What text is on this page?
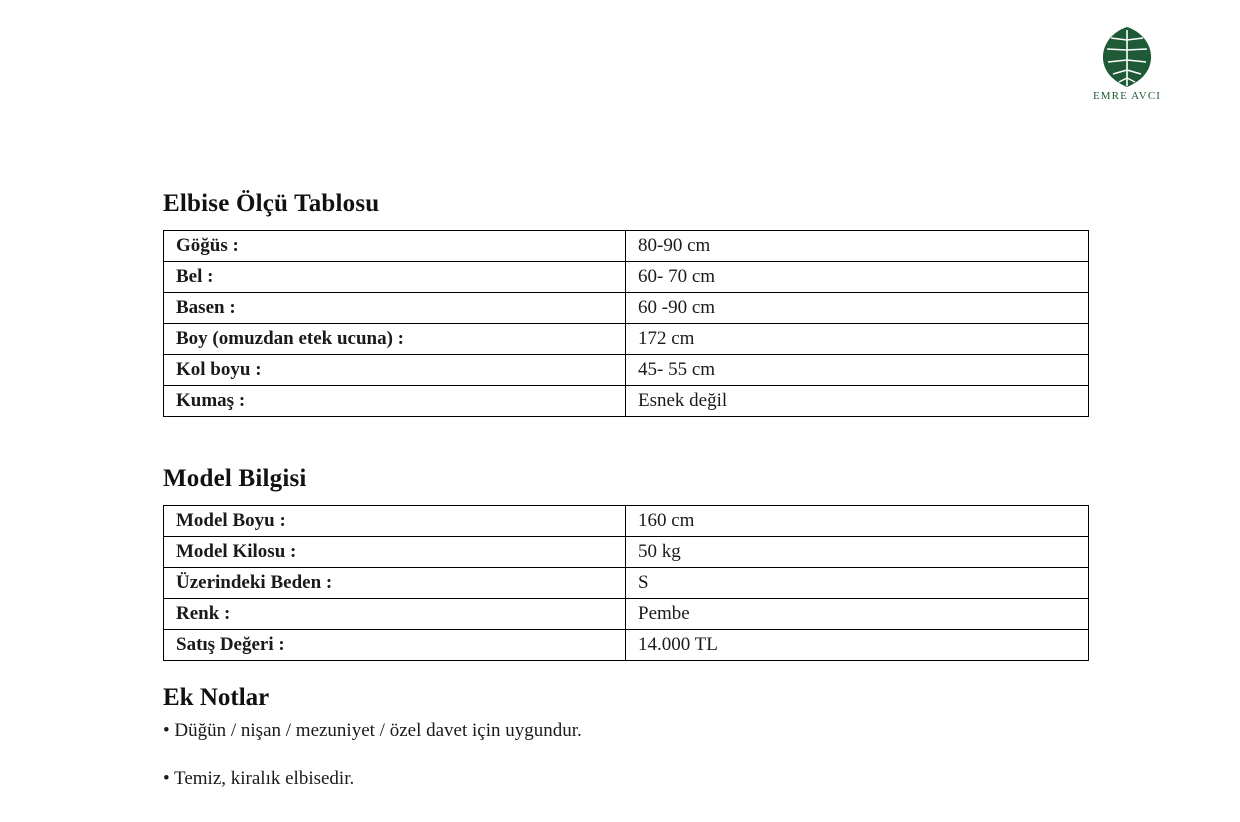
EMRE AVCI
Elbise Ölçü Tablosu
Göğüs :	80-90 cm
Bel :	60- 70 cm
Basen :	60 -90 cm
Boy (omuzdan etek ucuna) :	172 cm
Kol boyu :	45- 55 cm
Kumaş :	Esnek değil
Model Bilgisi
Model Boyu :	160 cm
Model Kilosu :	50 kg
Üzerindeki Beden :	S
Renk :	Pembe
Satış Değeri :	14.000 TL
Ek Notlar

• Düğün / nişan / mezuniyet / özel davet için uygundur.

• Temiz, kiralık elbisedir.
